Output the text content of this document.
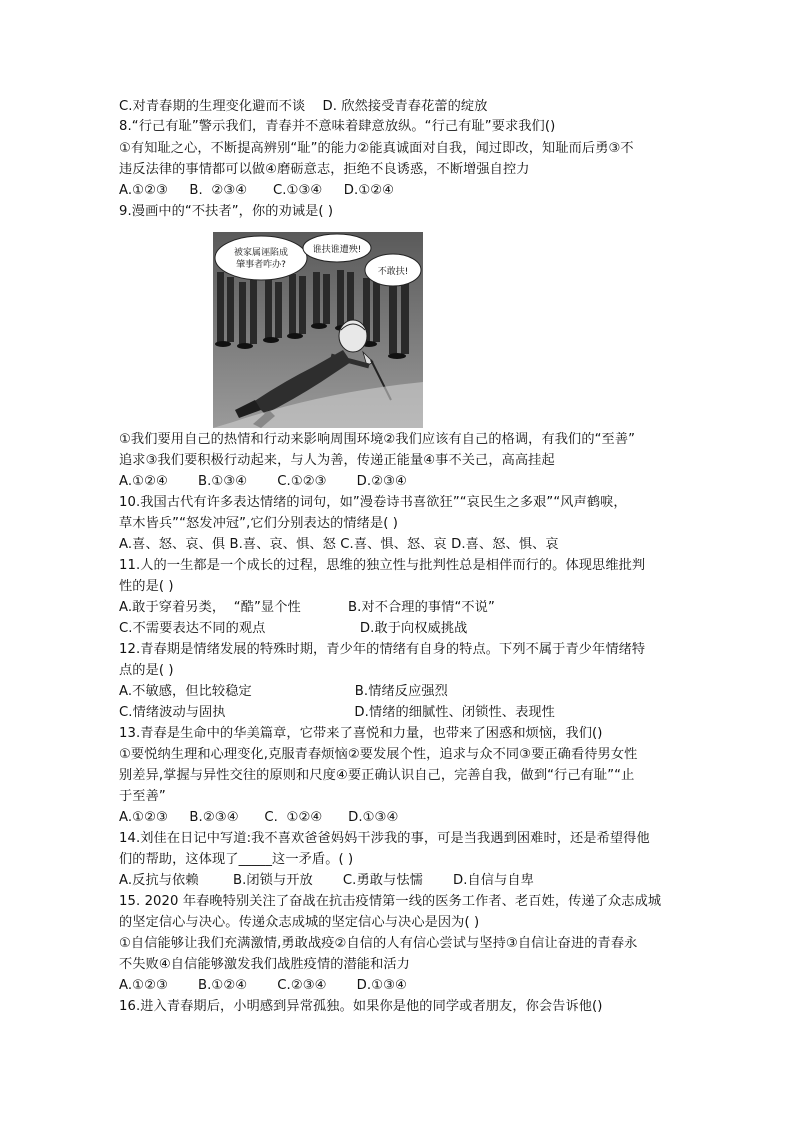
C.对青春期的生理变化避而不谈    D. 欣然接受青春花蕾的绽放
8.“行己有耻”警示我们，青春并不意味着肆意放纵。“行己有耻”要求我们()
①有知耻之心，不断提高辨别“耻”的能力②能真诚面对自我，闻过即改，知耻而后勇③不
违反法律的事情都可以做④磨砺意志，拒绝不良诱惑，不断增强自控力
A.①②③     B.  ②③④      C.①③④     D.①②④
9.漫画中的“不扶者”，你的劝诫是( )
被家属诬陷成
肇事者咋办?
谁扶谁遭殃!
不敢扶!
①我们要用自己的热情和行动来影响周围环境②我们应该有自己的格调，有我们的“至善”
追求③我们要积极行动起来，与人为善，传递正能量④事不关己，高高挂起
A.①②④       B.①③④       C.①②③       D.②③④
10.我国古代有许多表达情绪的词句，如”漫卷诗书喜欲狂”“哀民生之多艰”“风声鹤唳，
草木皆兵”“怒发冲冠”,它们分别表达的情绪是( )
A.喜、怒、哀、俱 B.喜、哀、惧、怒 C.喜、惧、怒、哀 D.喜、怒、惧、哀
11.人的一生都是一个成长的过程，思维的独立性与批判性总是相伴而行的。体现思维批判
性的是( )
A.敢于穿着另类，  “酷”显个性           B.对不合理的事情“不说”
C.不需要表达不同的观点                      D.敢于向权威挑战
12.青春期是情绪发展的特殊时期，青少年的情绪有自身的特点。下列不属于青少年情绪特
点的是( )
A.不敏感，但比较稳定                        B.情绪反应强烈
C.情绪波动与固执                              D.情绪的细腻性、闭锁性、表现性
13.青春是生命中的华美篇章，它带来了喜悦和力量，也带来了困惑和烦恼，我们()
①要悦纳生理和心理变化,克服青春烦恼②要发展个性，追求与众不同③要正确看待男女性
别差异,掌握与异性交往的原则和尺度④要正确认识自己，完善自我，做到“行己有耻”“止
于至善”
A.①②③     B.②③④      C.  ①②④      D.①③④
14.刘佳在日记中写道:我不喜欢爸爸妈妈干涉我的事，可是当我遇到困难时，还是希望得他
们的帮助，这体现了_____这一矛盾。( )
A.反抗与依赖        B.闭锁与开放       C.勇敢与怯懦       D.自信与自卑
15. 2020 年春晚特别关注了奋战在抗击疫情第一线的医务工作者、老百姓，传递了众志成城
的坚定信心与决心。传递众志成城的坚定信心与决心是因为( )
①自信能够让我们充满激情,勇敢战疫②自信的人有信心尝试与坚持③自信让奋进的青春永
不失败④自信能够激发我们战胜疫情的潜能和活力
A.①②③       B.①②④       C.②③④       D.①③④
16.进入青春期后，小明感到异常孤独。如果你是他的同学或者朋友，你会告诉他()
